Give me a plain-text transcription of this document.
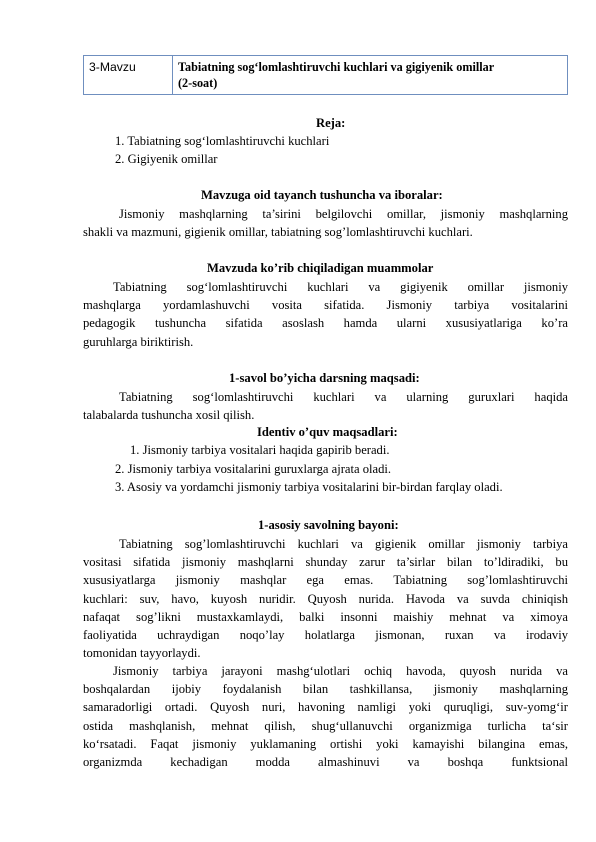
3-Mavzu	Tabiatning sog‘lomlashtiruvchi kuchlari va gigiyenik omillar
(2-soat)
Reja:
1. Tabiatning sog‘lomlashtiruvchi kuchlari
2. Gigiyenik omillar
Mavzuga oid tayanch tushuncha va iboralar:
Jismoniy mashqlarning ta’sirini belgilovchi omillar, jismoniy mashqlarning
shakli va mazmuni, gigienik omillar, tabiatning sog’lomlashtiruvchi kuchlari.
Mavzuda ko’rib chiqiladigan muammolar
Tabiatning sog‘lomlashtiruvchi kuchlari va gigiyenik omillar jismoniy
mashqlarga yordamlashuvchi vosita sifatida. Jismoniy tarbiya vositalarini
pedagogik tushuncha sifatida asoslash hamda ularni xususiyatlariga ko’ra
guruhlarga biriktirish.
1-savol bo’yicha darsning maqsadi:
Tabiatning sog‘lomlashtiruvchi kuchlari va ularning guruxlari haqida
talabalarda tushuncha xosil qilish.
Identiv o’quv maqsadlari:
1. Jismoniy tarbiya vositalari haqida gapirib beradi.
2. Jismoniy tarbiya vositalarini guruxlarga ajrata oladi.
3. Asosiy va yordamchi jismoniy tarbiya vositalarini bir-birdan farqlay oladi.
1-asosiy savolning bayoni:
Tabiatning sog’lomlashtiruvchi kuchlari va gigienik omillar jismoniy tarbiya
vositasi sifatida jismoniy mashqlarni shunday zarur ta’sirlar bilan to’ldiradiki, bu
xususiyatlarga jismoniy mashqlar ega emas. Tabiatning sog’lomlashtiruvchi
kuchlari: suv, havo, kuyosh nuridir. Quyosh nurida. Havoda va suvda chiniqish
nafaqat sog’likni mustaxkamlaydi, balki insonni maishiy mehnat va ximoya
faoliyatida uchraydigan noqo’lay holatlarga jismonan, ruxan va irodaviy
tomonidan tayyorlaydi.
Jismoniy tarbiya jarayoni mashg‘ulotlari ochiq havoda, quyosh nurida va
boshqalardan ijobiy foydalanish bilan tashkillansa, jismoniy mashqlarning
samaradorligi ortadi. Quyosh nuri, havoning namligi yoki quruqligi, suv-yomg‘ir
ostida mashqlanish, mehnat qilish, shug‘ullanuvchi organizmiga turlicha ta‘sir
ko‘rsatadi. Faqat jismoniy yuklamaning ortishi yoki kamayishi bilangina emas,
organizmda kechadigan modda almashinuvi va boshqa funktsional
